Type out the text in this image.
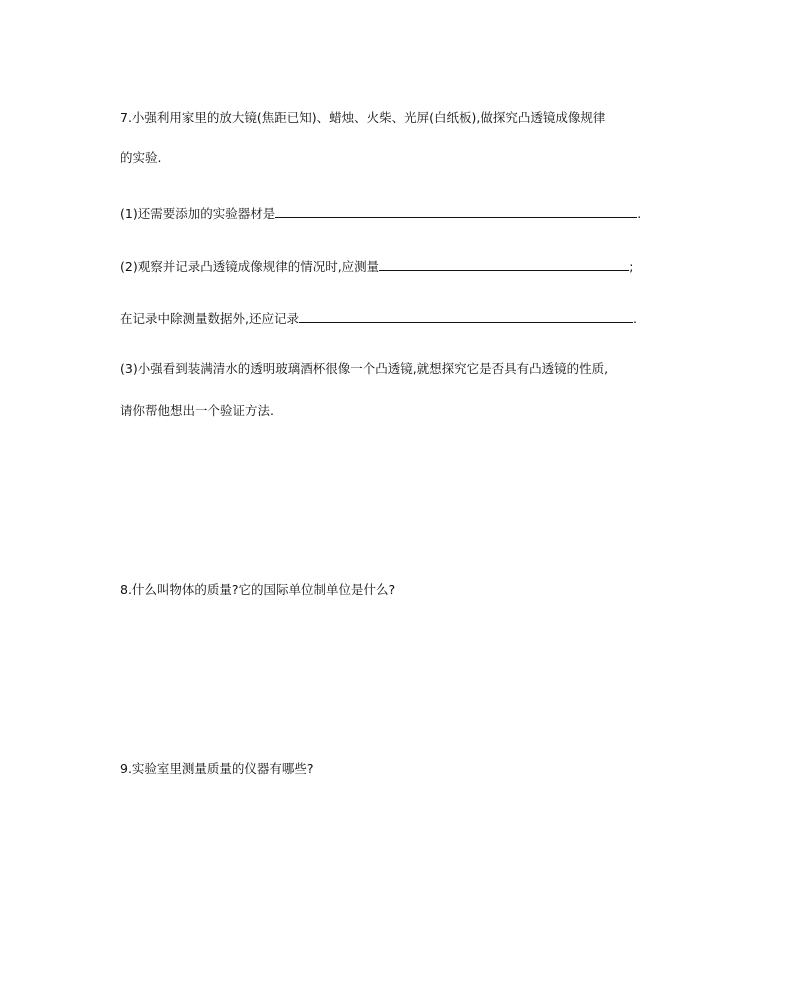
7.小强利用家里的放大镜(焦距已知)、蜡烛、火柴、光屏(白纸板),做探究凸透镜成像规律
的实验.
(1)还需要添加的实验器材是	.
(2)观察并记录凸透镜成像规律的情况时,应测量	;
在记录中除测量数据外,还应记录	.
(3)小强看到装满清水的透明玻璃酒杯很像一个凸透镜,就想探究它是否具有凸透镜的性质,
请你帮他想出一个验证方法.
8.什么叫物体的质量?它的国际单位制单位是什么?
9.实验室里测量质量的仪器有哪些?
